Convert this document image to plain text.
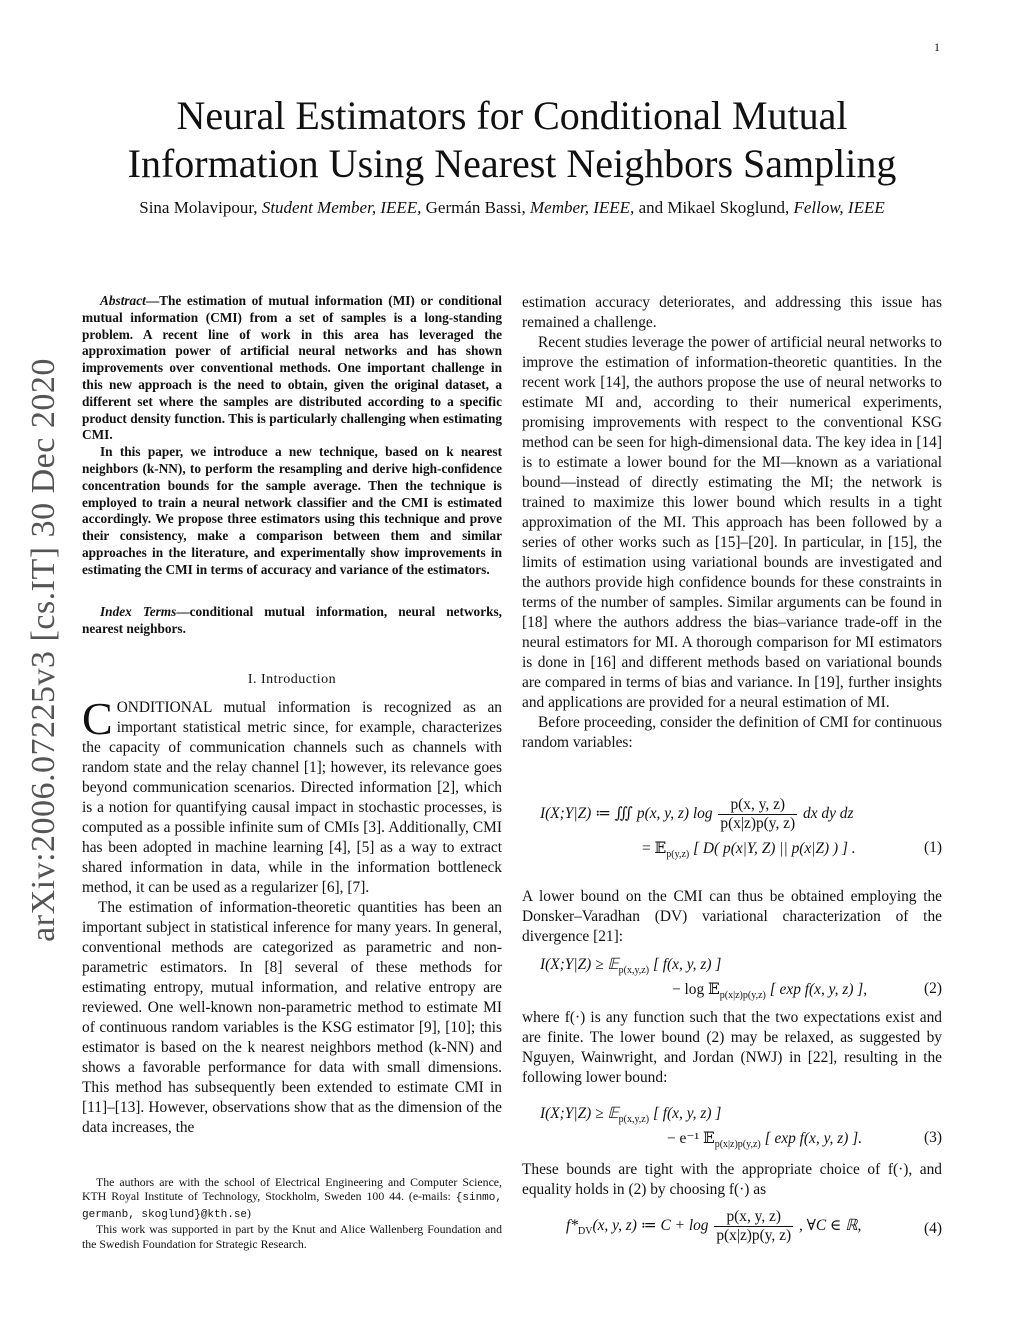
1
arXiv:2006.07225v3 [cs.IT] 30 Dec 2020
Neural Estimators for Conditional Mutual Information Using Nearest Neighbors Sampling
Sina Molavipour, Student Member, IEEE, Germán Bassi, Member, IEEE, and Mikael Skoglund, Fellow, IEEE

Abstract—The estimation of mutual information (MI) or conditional mutual information (CMI) from a set of samples is a long-standing problem. A recent line of work in this area has leveraged the approximation power of artificial neural networks and has shown improvements over conventional methods. One important challenge in this new approach is the need to obtain, given the original dataset, a different set where the samples are distributed according to a specific product density function. This is particularly challenging when estimating CMI.

In this paper, we introduce a new technique, based on k nearest neighbors (k-NN), to perform the resampling and derive high-confidence concentration bounds for the sample average. Then the technique is employed to train a neural network classifier and the CMI is estimated accordingly. We propose three estimators using this technique and prove their consistency, make a comparison between them and similar approaches in the literature, and experimentally show improvements in estimating the CMI in terms of accuracy and variance of the estimators.

Index Terms—conditional mutual information, neural networks, nearest neighbors.
I. Introduction

CONDITIONAL mutual information is recognized as an important statistical metric since, for example, characterizes the capacity of communication channels such as channels with random state and the relay channel [1]; however, its relevance goes beyond communication scenarios. Directed information [2], which is a notion for quantifying causal impact in stochastic processes, is computed as a possible infinite sum of CMIs [3]. Additionally, CMI has been adopted in machine learning [4], [5] as a way to extract shared information in data, while in the information bottleneck method, it can be used as a regularizer [6], [7].

The estimation of information-theoretic quantities has been an important subject in statistical inference for many years. In general, conventional methods are categorized as parametric and non-parametric estimators. In [8] several of these methods for estimating entropy, mutual information, and relative entropy are reviewed. One well-known non-parametric method to estimate MI of continuous random variables is the KSG estimator [9], [10]; this estimator is based on the k nearest neighbors method (k-NN) and shows a favorable performance for data with small dimensions. This method has subsequently been extended to estimate CMI in [11]–[13]. However, observations show that as the dimension of the data increases, the

The authors are with the school of Electrical Engineering and Computer Science, KTH Royal Institute of Technology, Stockholm, Sweden 100 44. (e-mails: {sinmo, germanb, skoglund}@kth.se)

This work was supported in part by the Knut and Alice Wallenberg Foundation and the Swedish Foundation for Strategic Research.

estimation accuracy deteriorates, and addressing this issue has remained a challenge.

Recent studies leverage the power of artificial neural networks to improve the estimation of information-theoretic quantities. In the recent work [14], the authors propose the use of neural networks to estimate MI and, according to their numerical experiments, promising improvements with respect to the conventional KSG method can be seen for high-dimensional data. The key idea in [14] is to estimate a lower bound for the MI—known as a variational bound—instead of directly estimating the MI; the network is trained to maximize this lower bound which results in a tight approximation of the MI. This approach has been followed by a series of other works such as [15]–[20]. In particular, in [15], the limits of estimation using variational bounds are investigated and the authors provide high confidence bounds for these constraints in terms of the number of samples. Similar arguments can be found in [18] where the authors address the bias–variance trade-off in the neural estimators for MI. A thorough comparison for MI estimators is done in [16] and different methods based on variational bounds are compared in terms of bias and variance. In [19], further insights and applications are provided for a neural estimation of MI.

Before proceeding, consider the definition of CMI for continuous random variables:

I(X;Y|Z) ≔ ∭ p(x, y, z) $\log \frac{p(x, y, z)}{p(x|z)p(y, z)}$ dx dy dz
= 𝔼$_{p(y,z)}$ [ D( p(x|Y, Z) || p(x|Z) ) ] .	(1)

A lower bound on the CMI can thus be obtained employing the Donsker–Varadhan (DV) variational characterization of the divergence [21]:

I(X;Y|Z) ≥ 𝔼$_{p(x,y,z)}$ [ f(x, y, z) ]
− log 𝔼$_{p(x|z)p(y,z)}$ [ exp f(x, y, z) ],	(2)

where f(·) is any function such that the two expectations exist and are finite. The lower bound (2) may be relaxed, as suggested by Nguyen, Wainwright, and Jordan (NWJ) in [22], resulting in the following lower bound:

I(X;Y|Z) ≥ 𝔼$_{p(x,y,z)}$ [ f(x, y, z) ]
− e⁻¹ 𝔼$_{p(x|z)p(y,z)}$ [ exp f(x, y, z) ].	(3)

These bounds are tight with the appropriate choice of f(·), and equality holds in (2) by choosing f(·) as

$f*_{DV}(x$, y, z) ≔ $C + \log \frac{p(x, y, z)}{p(x|z)p(y, z)}$ , ∀C ∈ ℝ,	(4)
